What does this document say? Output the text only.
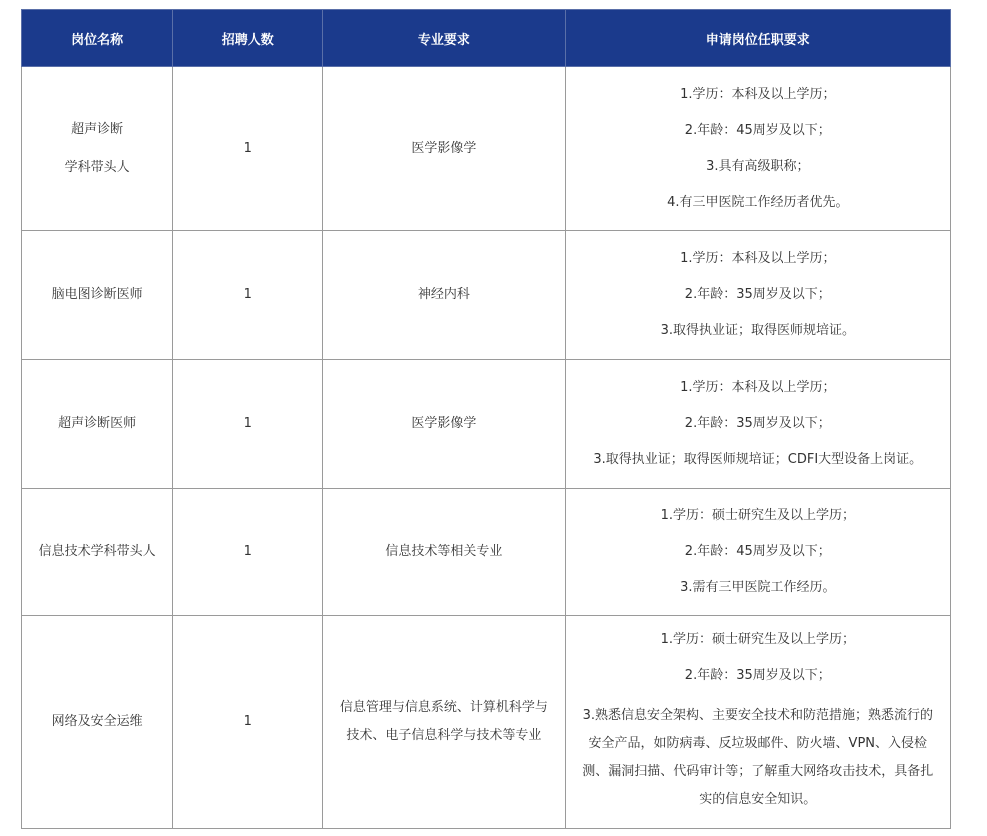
岗位名称	招聘人数	专业要求	申请岗位任职要求

超声诊断
学科带头人	1	医学影像学	1.学历：本科及以上学历；
2.年龄：45周岁及以下；
3.具有高级职称；
4.有三甲医院工作经历者优先。

脑电图诊断医师	1	神经内科	1.学历：本科及以上学历；
2.年龄：35周岁及以下；
3.取得执业证；取得医师规培证。

超声诊断医师	1	医学影像学	1.学历：本科及以上学历；
2.年龄：35周岁及以下；
3.取得执业证；取得医师规培证；CDFI大型设备上岗证。

信息技术学科带头人	1	信息技术等相关专业	1.学历：硕士研究生及以上学历；
2.年龄：45周岁及以下；
3.需有三甲医院工作经历。

网络及安全运维	1	信息管理与信息系统、计算机科学与技术、电子信息科学与技术等专业	1.学历：硕士研究生及以上学历；
2.年龄：35周岁及以下；
3.熟悉信息安全架构、主要安全技术和防范措施；熟悉流行的安全产品，如防病毒、反垃圾邮件、防火墙、VPN、入侵检测、漏洞扫描、代码审计等；了解重大网络攻击技术，具备扎实的信息安全知识。
